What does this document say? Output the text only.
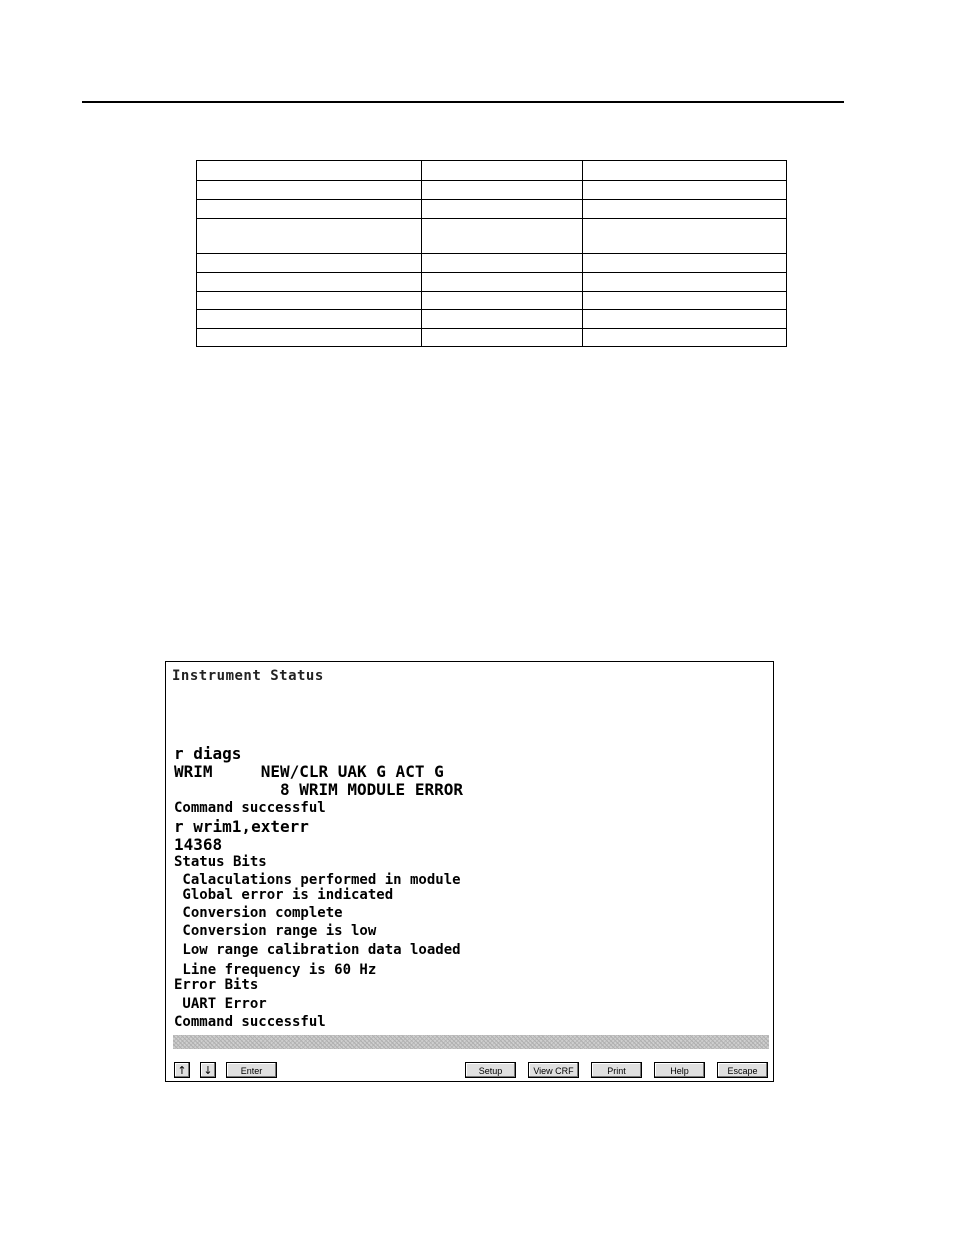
Instrument Status
r diags
WRIM     NEW/CLR UAK G ACT G
8 WRIM MODULE ERROR
Command successful
r wrim1,exterr
14368
Status Bits
Calaculations performed in module
Global error is indicated
Conversion complete
Conversion range is low
Low range calibration data loaded
Line frequency is 60 Hz
Error Bits
UART Error
Command successful
↑	↓	Enter	Setup	View CRF	Print	Help	Escape
